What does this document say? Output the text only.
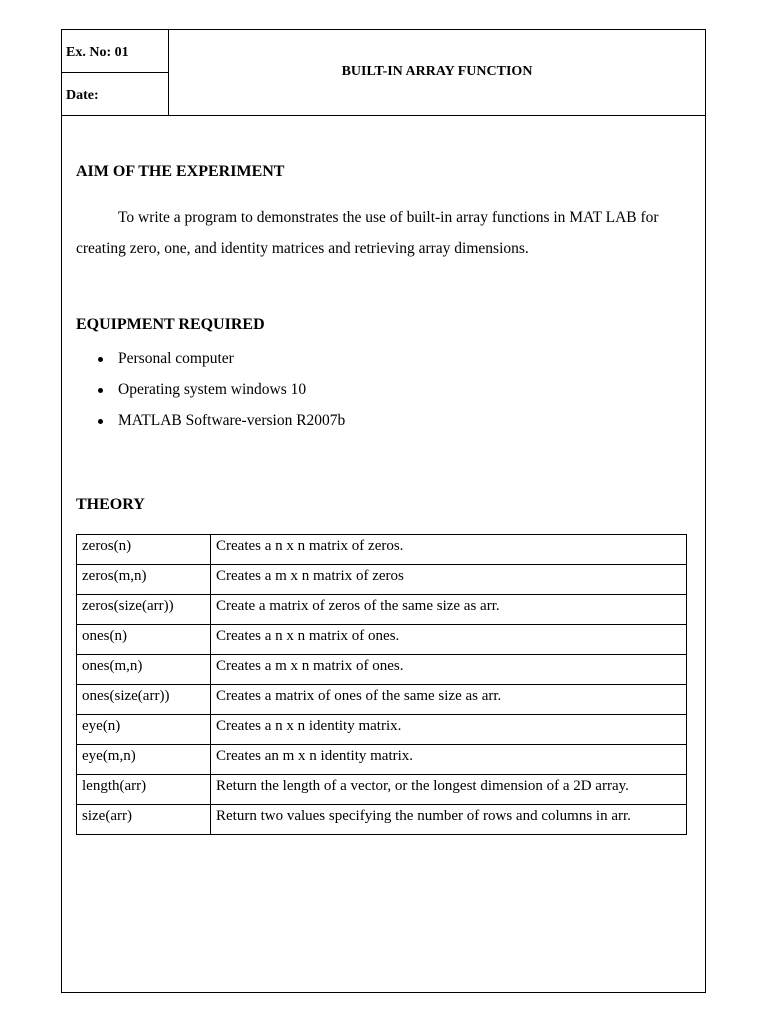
Ex. No: 01
Date:
BUILT-IN ARRAY FUNCTION
AIM OF THE EXPERIMENT
To write a program to demonstrates the use of built-in array functions in MAT LAB for creating zero, one, and identity matrices and retrieving array dimensions.
EQUIPMENT REQUIRED
Personal computer
Operating system windows 10
MATLAB Software-version R2007b
THEORY
zeros(n)	Creates a n x n matrix of zeros.
zeros(m,n)	Creates a m x n matrix of zeros
zeros(size(arr))	Create a matrix of zeros of the same size as arr.
ones(n)	Creates a n x n matrix of ones.
ones(m,n)	Creates a m x n matrix of ones.
ones(size(arr))	Creates a matrix of ones of the same size as arr.
eye(n)	Creates a n x n identity matrix.
eye(m,n)	Creates an m x n identity matrix.
length(arr)	Return the length of a vector, or the longest dimension of a 2D array.
size(arr)	Return two values specifying the number of rows and columns in arr.
